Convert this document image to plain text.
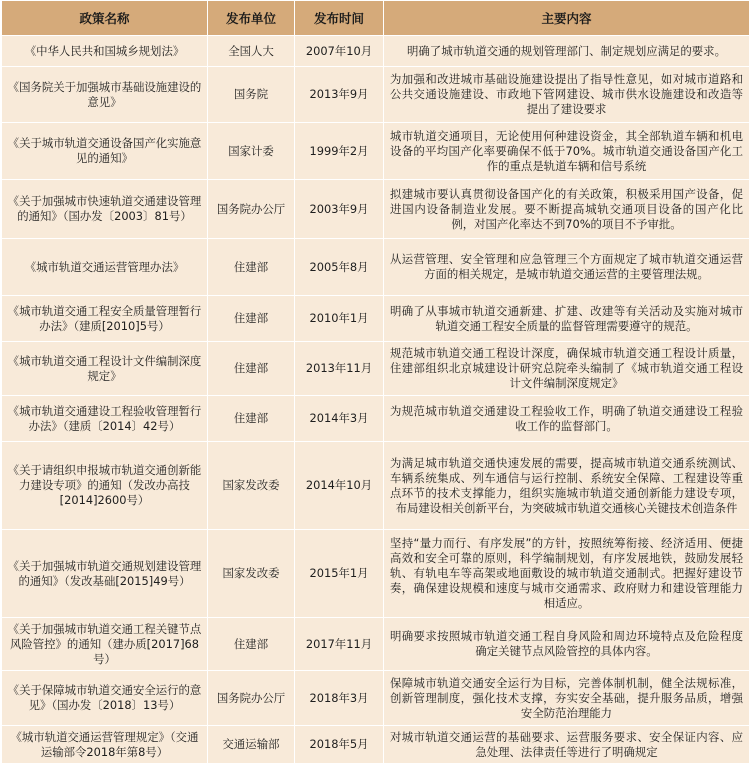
政策名称	发布单位	发布时间	主要内容
《中华人民共和国城乡规划法》	全国人大	2007年10月	明确了城市轨道交通的规划管理部门、制定规划应满足的要求。
《国务院关于加强城市基础设施建设的意见》	国务院	2013年9月	为加强和改进城市基础设施建设提出了指导性意见，如对城市道路和公共交通设施建设、市政地下管网建设、城市供水设施建设和改造等提出了建设要求
《关于城市轨道交通设备国产化实施意见的通知》	国家计委	1999年2月	城市轨道交通项目，无论使用何种建设资金，其全部轨道车辆和机电设备的平均国产化率要确保不低于70%。城市轨道交通设备国产化工作的重点是轨道车辆和信号系统
《关于加强城市快速轨道交通建设管理的通知》（国办发〔2003〕81号）	国务院办公厅	2003年9月	拟建城市要认真贯彻设备国产化的有关政策，积极采用国产设备，促进国内设备制造业发展。要不断提高城轨交通项目设备的国产化比例，对国产化率达不到70%的项目不予审批。
《城市轨道交通运营管理办法》	住建部	2005年8月	从运营管理、安全管理和应急管理三个方面规定了城市轨道交通运营方面的相关规定，是城市轨道交通运营的主要管理法规。
《城市轨道交通工程安全质量管理暂行办法》（建质[2010]5号）	住建部	2010年1月	明确了从事城市轨道交通新建、扩建、改建等有关活动及实施对城市轨道交通工程安全质量的监督管理需要遵守的规范。
《城市轨道交通工程设计文件编制深度规定》	住建部	2013年11月	规范城市轨道交通工程设计深度，确保城市轨道交通工程设计质量，住建部组织北京城建设计研究总院牵头编制了《城市轨道交通工程设计文件编制深度规定》
《城市轨道交通建设工程验收管理暂行办法》（建质〔2014〕42号）	住建部	2014年3月	为规范城市轨道交通建设工程验收工作，明确了轨道交通建设工程验收工作的监督部门。
《关于请组织申报城市轨道交通创新能力建设专项》的通知（发改办高技[2014]2600号）	国家发改委	2014年10月	为满足城市轨道交通快速发展的需要，提高城市轨道交通系统测试、车辆系统集成、列车通信与运行控制、系统安全保障、工程建设等重点环节的技术支撑能力，组织实施城市轨道交通创新能力建设专项，布局建设相关创新平台，为突破城市轨道交通核心关键技术创造条件
《关于加强城市轨道交通规划建设管理的通知》（发改基础[2015]49号）	国家发改委	2015年1月	坚持“量力而行、有序发展”的方针，按照统筹衔接、经济适用、便捷高效和安全可靠的原则，科学编制规划，有序发展地铁，鼓励发展轻轨、有轨电车等高架或地面敷设的城市轨道交通制式。把握好建设节奏，确保建设规模和速度与城市交通需求、政府财力和建设管理能力相适应。
《关于加强城市轨道交通工程关键节点风险管控》的通知（建办质[2017]68号）	住建部	2017年11月	明确要求按照城市轨道交通工程自身风险和周边环境特点及危险程度确定关键节点风险管控的具体内容。
《关于保障城市轨道交通安全运行的意见》（国办发〔2018〕13号）	国务院办公厅	2018年3月	保障城市轨道交通安全运行为目标，完善体制机制，健全法规标准，创新管理制度，强化技术支撑，夯实安全基础，提升服务品质，增强安全防范治理能力
《城市轨道交通运营管理规定》（交通运输部令2018年第8号）	交通运输部	2018年5月	对城市轨道交通运营的基础要求、运营服务要求、安全保证内容、应急处理、法律责任等进行了明确规定
